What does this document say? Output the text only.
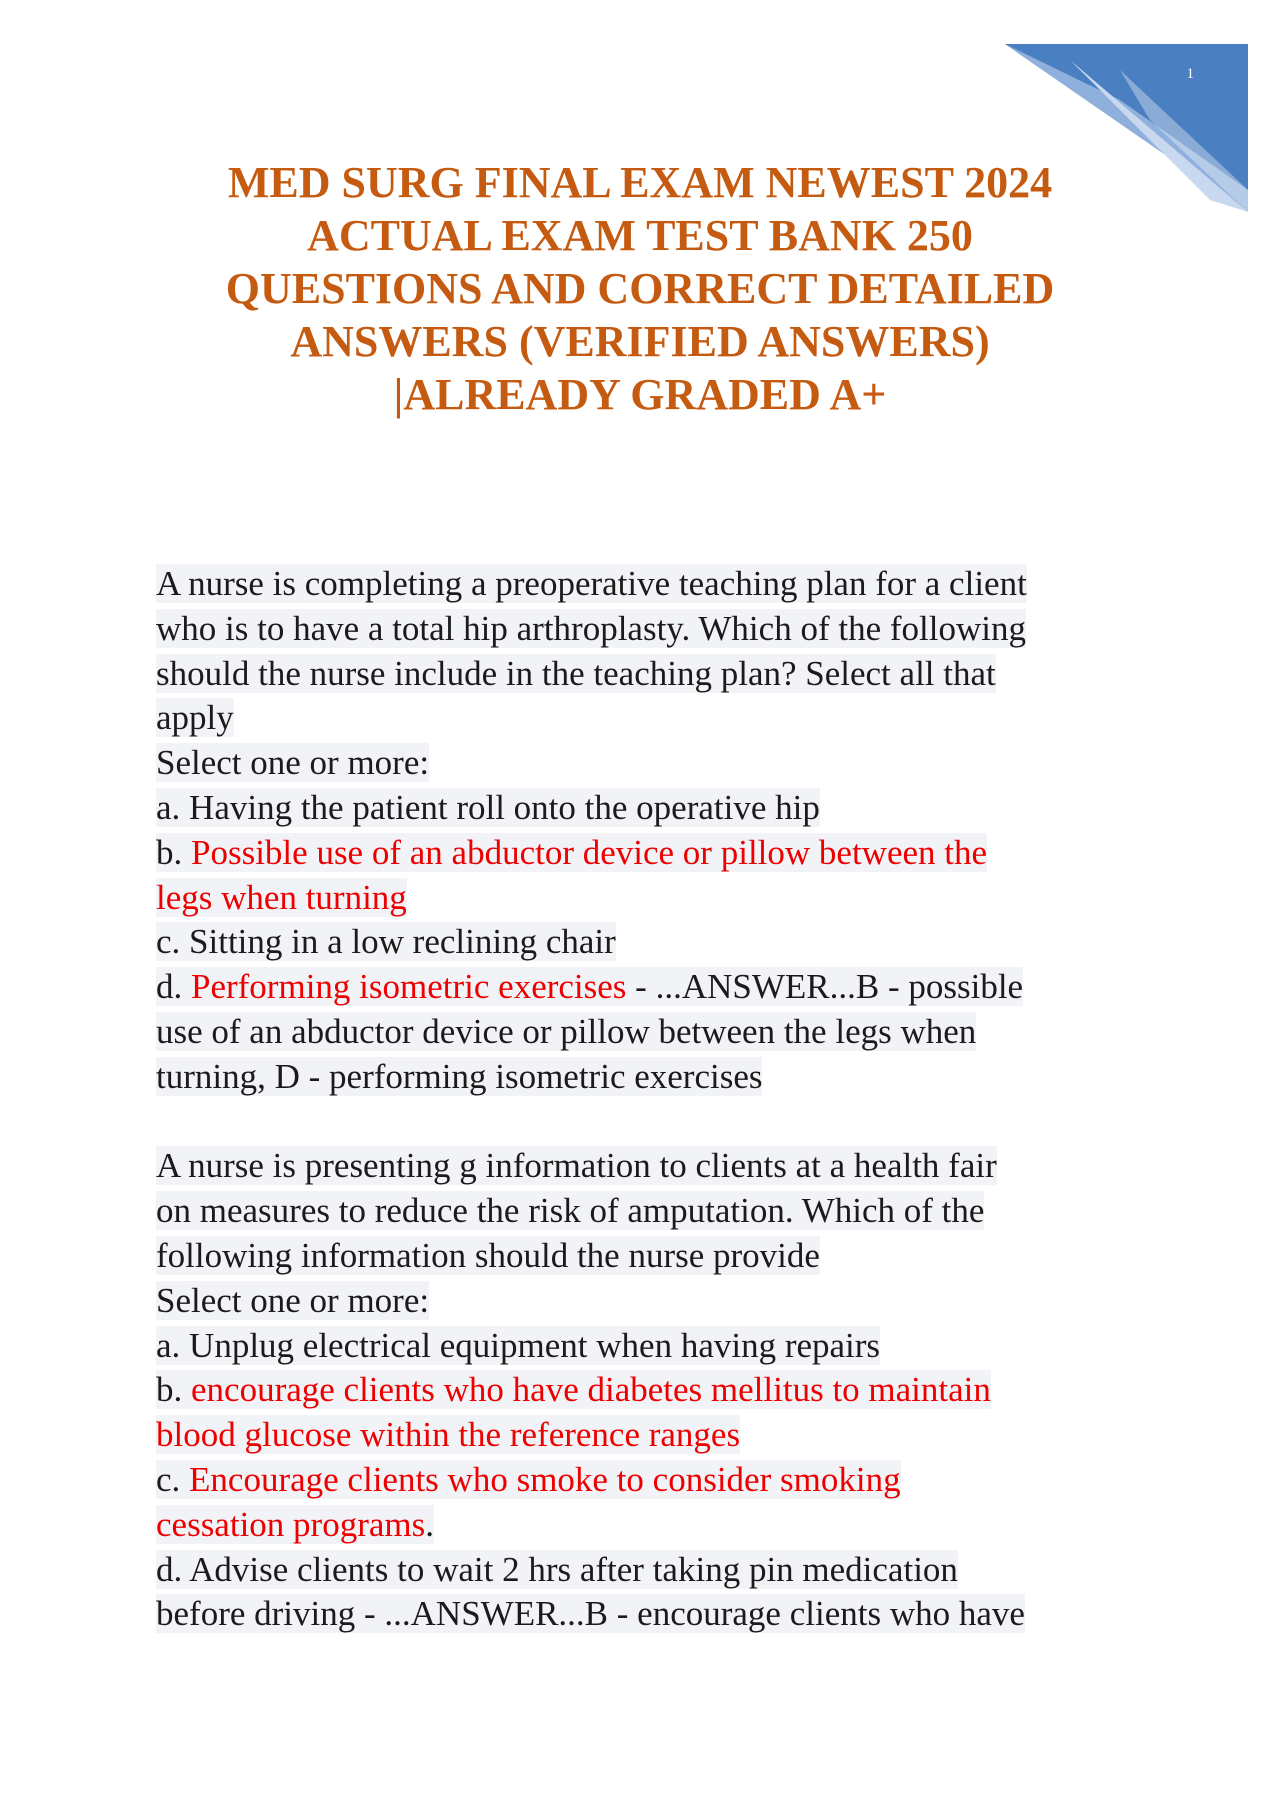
1
MED SURG FINAL EXAM NEWEST 2024
ACTUAL EXAM TEST BANK 250
QUESTIONS AND CORRECT DETAILED
ANSWERS (VERIFIED ANSWERS)
|ALREADY GRADED A+
A nurse is completing a preoperative teaching plan for a client
who is to have a total hip arthroplasty. Which of the following
should the nurse include in the teaching plan? Select all that
apply
Select one or more:
a. Having the patient roll onto the operative hip
b. Possible use of an abductor device or pillow between the
legs when turning
c. Sitting in a low reclining chair
d. Performing isometric exercises - ...ANSWER...B - possible
use of an abductor device or pillow between the legs when
turning, D - performing isometric exercises
A nurse is presenting g information to clients at a health fair
on measures to reduce the risk of amputation. Which of the
following information should the nurse provide
Select one or more:
a. Unplug electrical equipment when having repairs
b. encourage clients who have diabetes mellitus to maintain
blood glucose within the reference ranges
c. Encourage clients who smoke to consider smoking
cessation programs.
d. Advise clients to wait 2 hrs after taking pin medication
before driving - ...ANSWER...B - encourage clients who have
